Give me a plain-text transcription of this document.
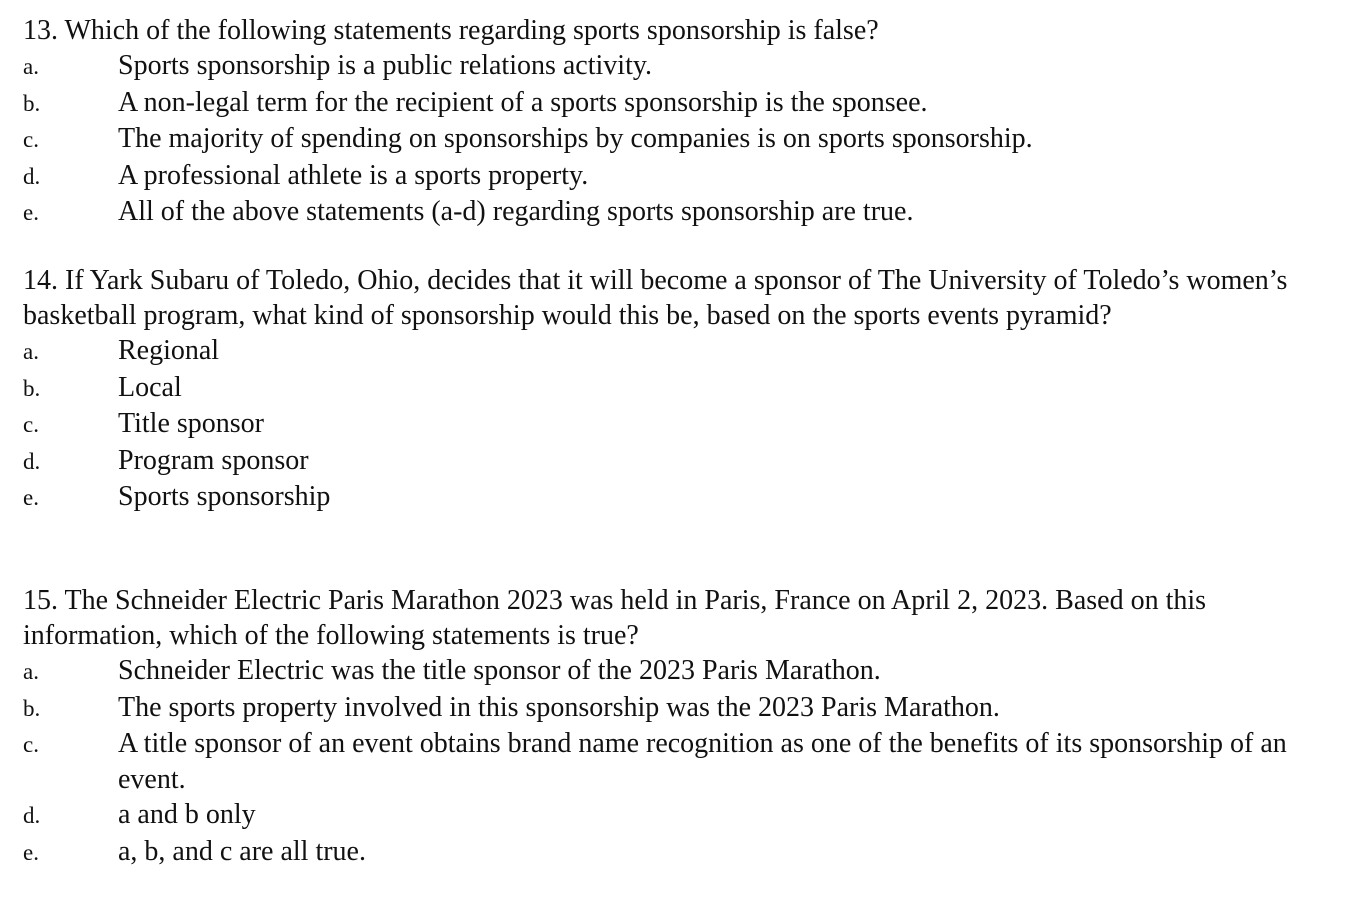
13. Which of the following statements regarding sports sponsorship is false?

a.	Sports sponsorship is a public relations activity.
b.	A non-legal term for the recipient of a sports sponsorship is the sponsee.
c.	The majority of spending on sponsorships by companies is on sports sponsorship.
d.	A professional athlete is a sports property.
e.	All of the above statements (a-d) regarding sports sponsorship are true.

14. If Yark Subaru of Toledo, Ohio, decides that it will become a sponsor of The University of Toledo’s women’s basketball program, what kind of sponsorship would this be, based on the sports events pyramid?

a.	Regional
b.	Local
c.	Title sponsor
d.	Program sponsor
e.	Sports sponsorship

15. The Schneider Electric Paris Marathon 2023 was held in Paris, France on April 2, 2023. Based on this information, which of the following statements is true?

a.	Schneider Electric was the title sponsor of the 2023 Paris Marathon.
b.	The sports property involved in this sponsorship was the 2023 Paris Marathon.
c.	A title sponsor of an event obtains brand name recognition as one of the benefits of its sponsorship of an event.
d.	a and b only
e.	a, b, and c are all true.
